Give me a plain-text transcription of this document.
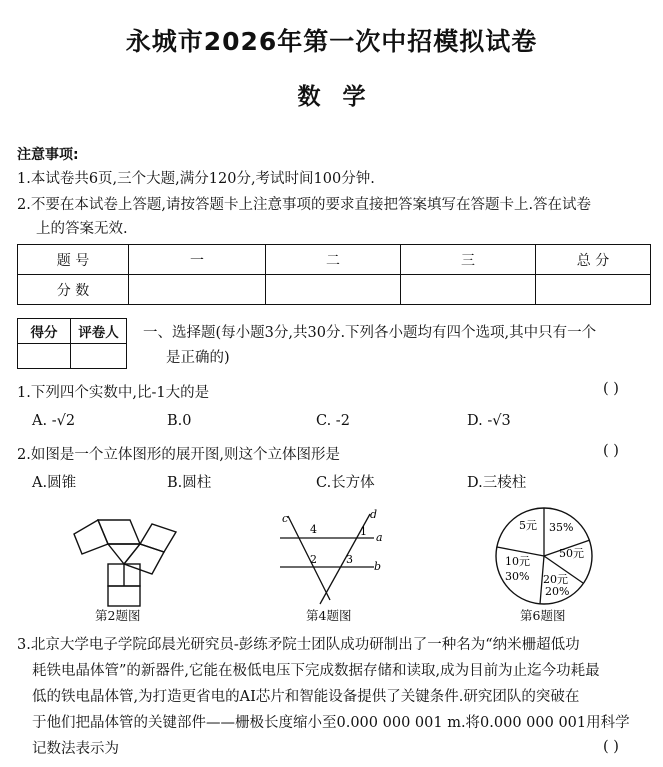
永城市2026年第一次中招模拟试卷
数学
注意事项:
1.本试卷共6页,三个大题,满分120分,考试时间100分钟.
2.不要在本试卷上答题,请按答题卡上注意事项的要求直接把答案填写在答题卡上.答在试卷
上的答案无效.
题 号	一	二	三	总 分
分 数				
得分	评卷人
	一、选择题(每小题3分,共30分.下列各小题均有四个选项,其中只有一个
是正确的)
1.下列四个实数中,比-1大的是	( )
A. -√2	B.0	C. -2	D. -√3
2.如图是一个立体图形的展开图,则这个立体图形是	( )
A.圆锥	B.圆柱	C.长方体	D.三棱柱
第2题图
c	d
a
b
4	1
2	3
第4题图
5元 35%
50元
20元
20%
10元
30%
第6题图
3.北京大学电子学院邱晨光研究员-彭练矛院士团队成功研制出了一种名为“纳米栅超低功
耗铁电晶体管”的新器件,它能在极低电压下完成数据存储和读取,成为目前为止迄今功耗最
低的铁电晶体管,为打造更省电的AI芯片和智能设备提供了关键条件.研究团队的突破在
于他们把晶体管的关键部件——栅极长度缩小至0.000 000 001 m.将0.000 000 001用科学
记数法表示为	( )
